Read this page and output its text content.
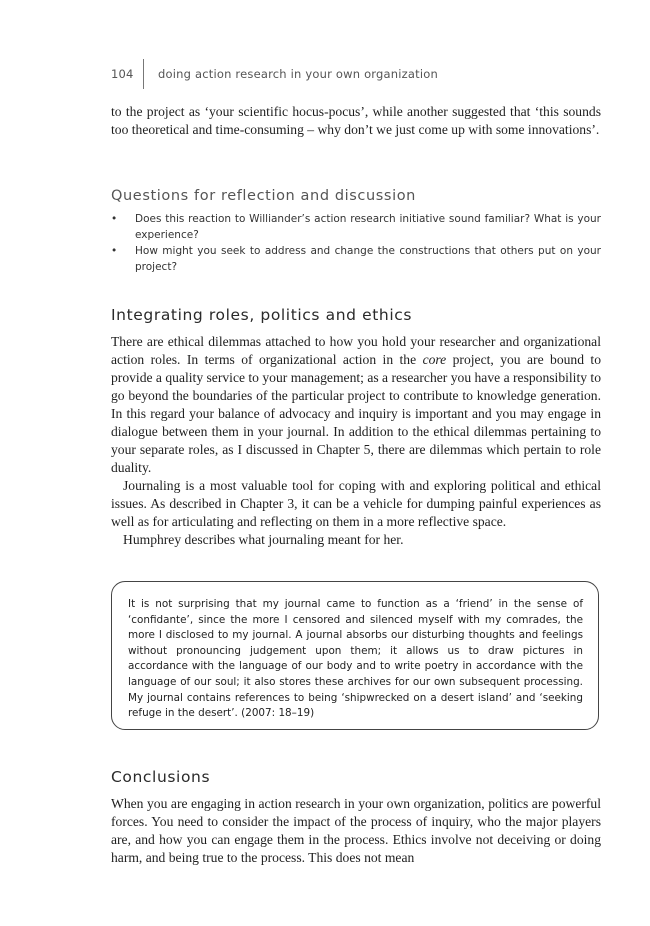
104	doing action research in your own organization

to the project as ‘your scientific hocus-pocus’, while another suggested that ‘this sounds too theoretical and time-consuming – why don’t we just come up with some innovations’.

Questions for reflection and discussion
• Does this reaction to Williander’s action research initiative sound familiar? What is your experience?
• How might you seek to address and change the constructions that others put on your project?
Integrating roles, politics and ethics

There are ethical dilemmas attached to how you hold your researcher and organizational action roles. In terms of organizational action in the core project, you are bound to provide a quality service to your management; as a researcher you have a responsibility to go beyond the boundaries of the particular project to contribute to knowledge generation. In this regard your balance of advocacy and inquiry is important and you may engage in dialogue between them in your journal. In addition to the ethical dilemmas pertaining to your separate roles, as I discussed in Chapter 5, there are dilemmas which pertain to role duality.

Journaling is a most valuable tool for coping with and exploring political and ethical issues. As described in Chapter 3, it can be a vehicle for dumping painful experiences as well as for articulating and reflecting on them in a more reflective space.

Humphrey describes what journaling meant for her.

It is not surprising that my journal came to function as a ‘friend’ in the sense of ‘confidante’, since the more I censored and silenced myself with my comrades, the more I disclosed to my journal. A journal absorbs our disturbing thoughts and feelings without pronouncing judgement upon them; it allows us to draw pictures in accordance with the language of our body and to write poetry in accordance with the language of our soul; it also stores these archives for our own subsequent processing. My journal contains references to being ‘shipwrecked on a desert island’ and ‘seeking refuge in the desert’. (2007: 18–19)

Conclusions

When you are engaging in action research in your own organization, politics are powerful forces. You need to consider the impact of the process of inquiry, who the major players are, and how you can engage them in the process. Ethics involve not deceiving or doing harm, and being true to the process. This does not mean
